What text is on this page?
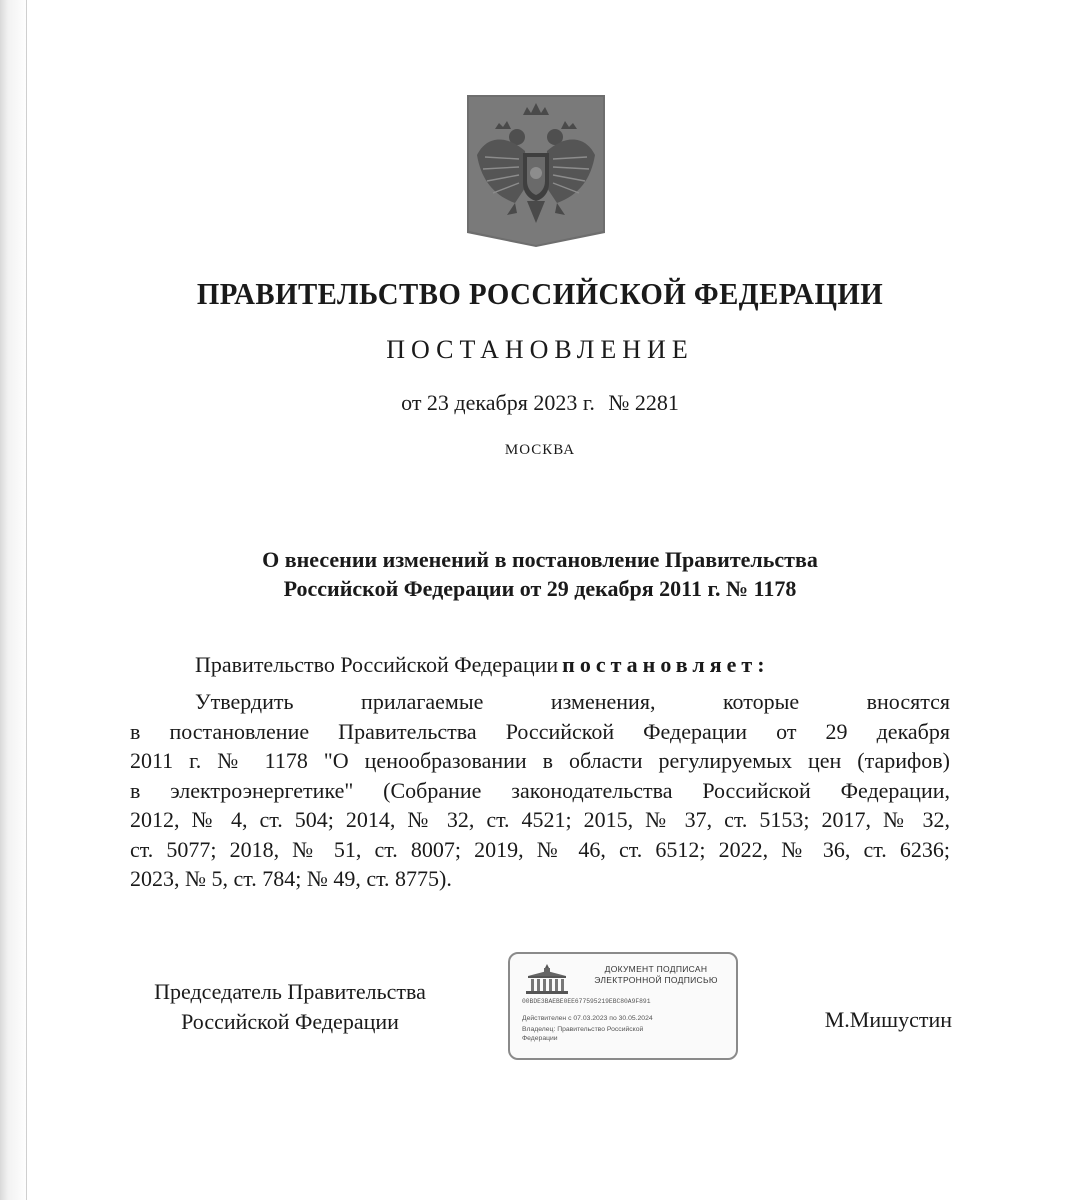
ПРАВИТЕЛЬСТВО РОССИЙСКОЙ ФЕДЕРАЦИИ
ПОСТАНОВЛЕНИЕ
от 23 декабря 2023 г. № 2281
МОСКВА
О внесении изменений в постановление Правительства
Российской Федерации от 29 декабря 2011 г. № 1178
Правительство Российской Федерации постановляет:
Утвердить прилагаемые изменения, которые вносятся
в постановление Правительства Российской Федерации от 29 декабря
2011 г. № 1178 "О ценообразовании в области регулируемых цен (тарифов)
в электроэнергетике" (Собрание законодательства Российской Федерации,
2012, № 4, ст. 504; 2014, № 32, ст. 4521; 2015, № 37, ст. 5153; 2017, № 32,
ст. 5077; 2018, № 51, ст. 8007; 2019, № 46, ст. 6512; 2022, № 36, ст. 6236;
2023, № 5, ст. 784; № 49, ст. 8775).
Председатель Правительства
Российской Федерации
ДОКУМЕНТ ПОДПИСАН
ЭЛЕКТРОННОЙ ПОДПИСЬЮ
00BDE3BAEBE0EE677595219EBC80A9F891
Действителен с 07.03.2023 по 30.05.2024
Владелец: Правительство Российской
Федерации
М.Мишустин
